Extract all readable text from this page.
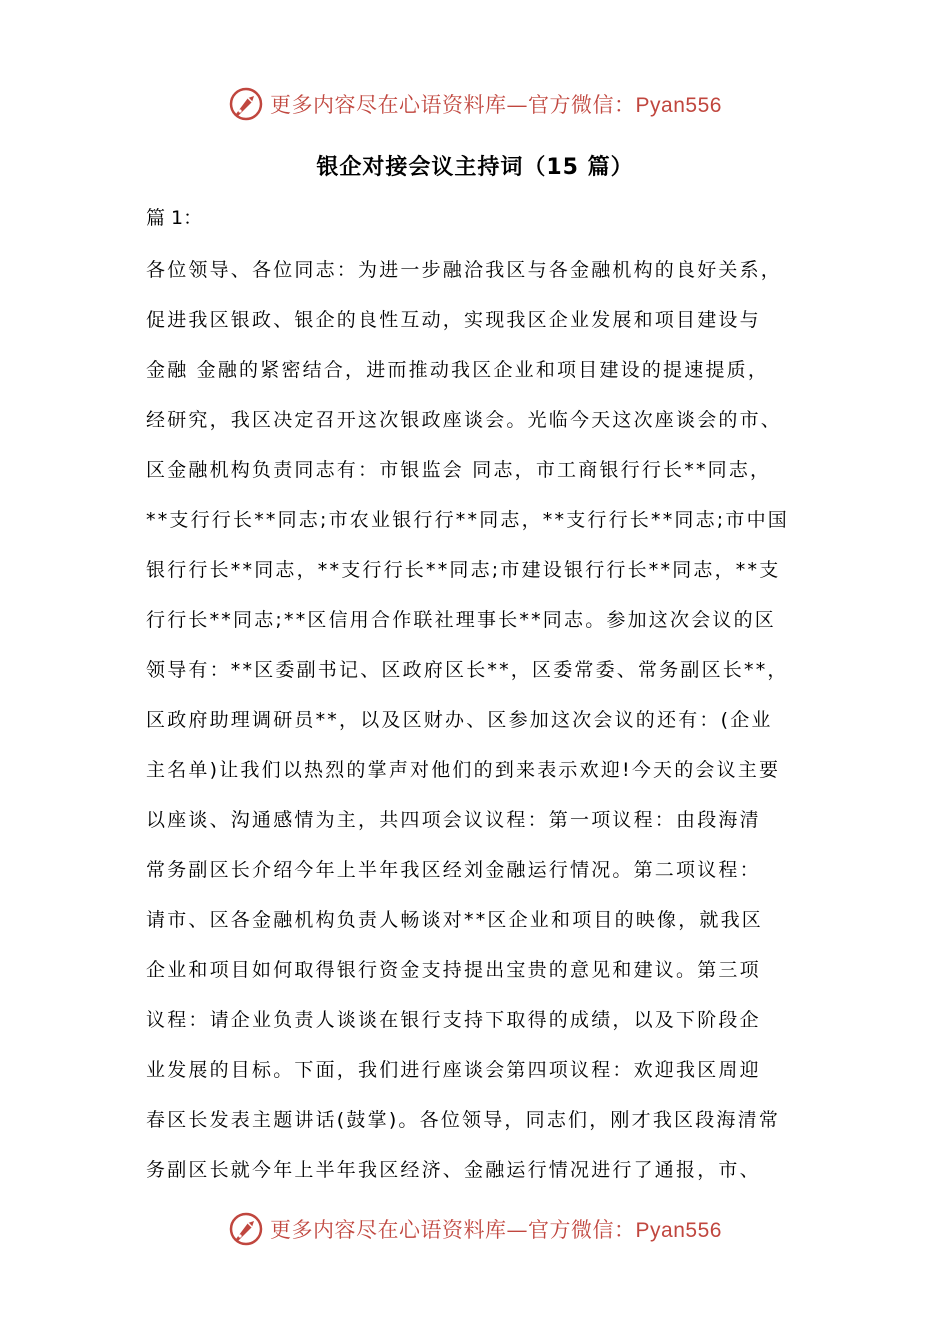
更多内容尽在心语资料库—官方微信：Pyan556
银企对接会议主持词（15 篇）
篇 1：
各位领导、各位同志：为进一步融洽我区与各金融机构的良好关系，
促进我区银政、银企的良性互动，实现我区企业发展和项目建设与
金融 金融的紧密结合，进而推动我区企业和项目建设的提速提质，
经研究，我区决定召开这次银政座谈会。光临今天这次座谈会的市、
区金融机构负责同志有：市银监会 同志，市工商银行行长**同志，
**支行行长**同志;市农业银行行**同志，**支行行长**同志;市中国
银行行长**同志，**支行行长**同志;市建设银行行长**同志，**支
行行长**同志;**区信用合作联社理事长**同志。参加这次会议的区
领导有：**区委副书记、区政府区长**，区委常委、常务副区长**，
区政府助理调研员**，以及区财办、区参加这次会议的还有：(企业
主名单)让我们以热烈的掌声对他们的到来表示欢迎!今天的会议主要
以座谈、沟通感情为主，共四项会议议程：第一项议程：由段海清
常务副区长介绍今年上半年我区经刘金融运行情况。第二项议程：
请市、区各金融机构负责人畅谈对**区企业和项目的映像，就我区
企业和项目如何取得银行资金支持提出宝贵的意见和建议。第三项
议程：请企业负责人谈谈在银行支持下取得的成绩，以及下阶段企
业发展的目标。下面，我们进行座谈会第四项议程：欢迎我区周迎
春区长发表主题讲话(鼓掌)。各位领导，同志们，刚才我区段海清常
务副区长就今年上半年我区经济、金融运行情况进行了通报，市、
更多内容尽在心语资料库—官方微信：Pyan556
